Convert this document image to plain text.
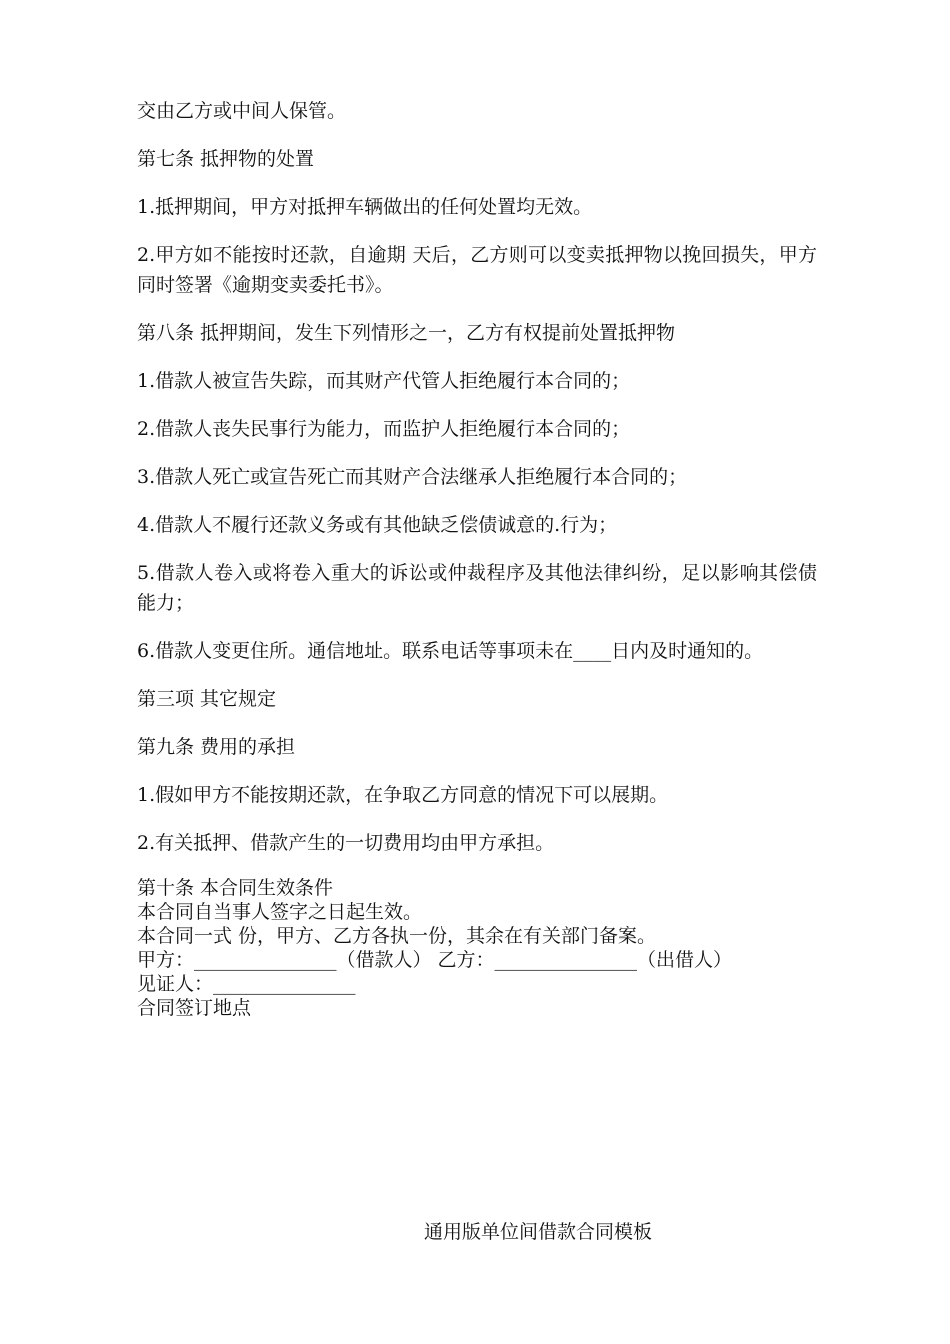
交由乙方或中间人保管。

第七条 抵押物的处置

1.抵押期间，甲方对抵押车辆做出的任何处置均无效。

2.甲方如不能按时还款，自逾期 天后，乙方则可以变卖抵押物以挽回损失，甲方同时签署《逾期变卖委托书》。

第八条 抵押期间，发生下列情形之一，乙方有权提前处置抵押物

1.借款人被宣告失踪，而其财产代管人拒绝履行本合同的；

2.借款人丧失民事行为能力，而监护人拒绝履行本合同的；

3.借款人死亡或宣告死亡而其财产合法继承人拒绝履行本合同的；

4.借款人不履行还款义务或有其他缺乏偿债诚意的.行为；

5.借款人卷入或将卷入重大的诉讼或仲裁程序及其他法律纠纷，足以影响其偿债能力；

6.借款人变更住所。通信地址。联系电话等事项未在____日内及时通知的。

第三项 其它规定

第九条 费用的承担

1.假如甲方不能按期还款，在争取乙方同意的情况下可以展期。

2.有关抵押、借款产生的一切费用均由甲方承担。

第十条 本合同生效条件

本合同自当事人签字之日起生效。

本合同一式 份，甲方、乙方各执一份，其余在有关部门备案。

甲方：_______________（借款人） 乙方：_______________（出借人）

见证人：_______________

合同签订地点

通用版单位间借款合同模板
